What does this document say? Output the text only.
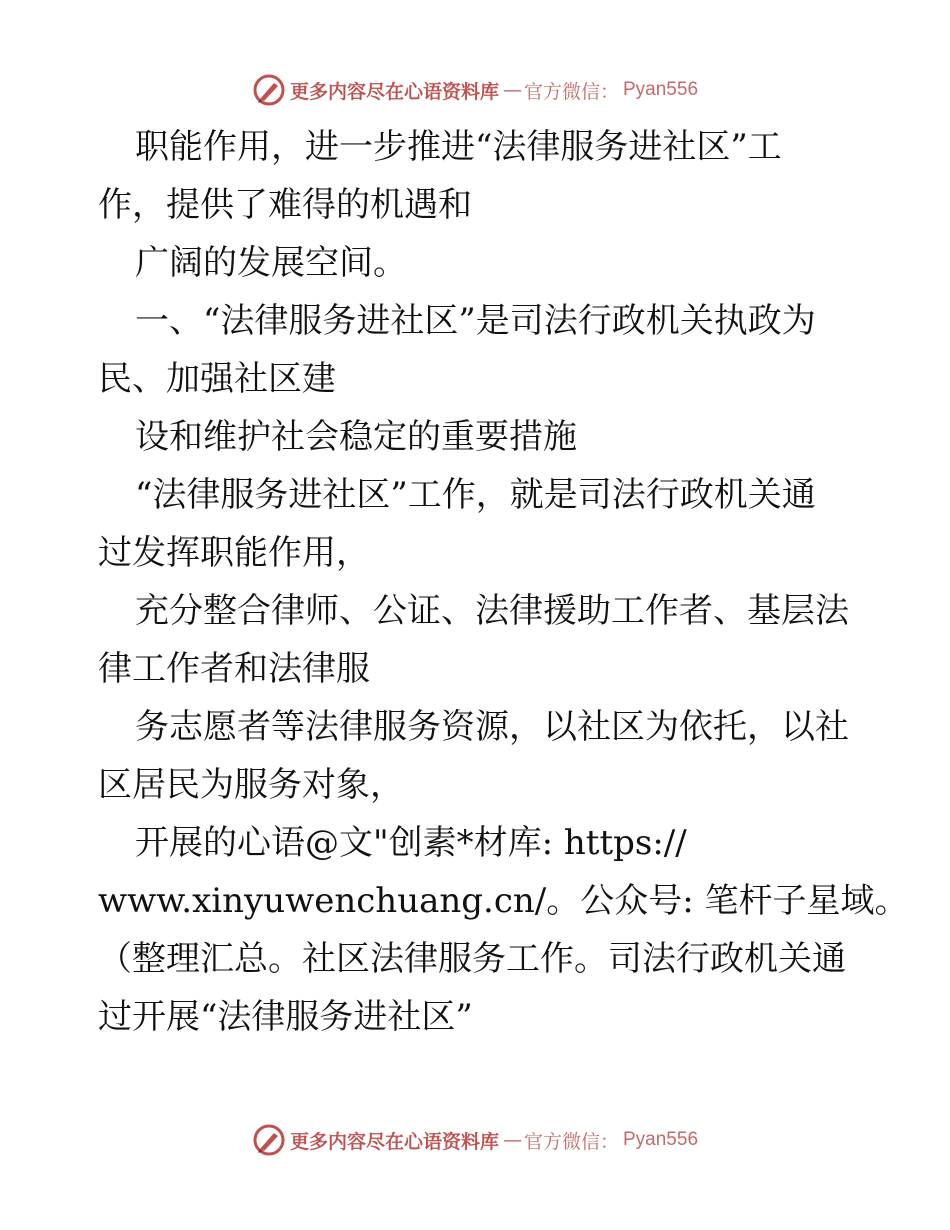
更多内容尽在心语资料库 — 官方微信： Pyan556
职能作用，进一步推进“法律服务进社区”工
作，提供了难得的机遇和
广阔的发展空间。
一、“法律服务进社区”是司法行政机关执政为
民、加强社区建
设和维护社会稳定的重要措施
“法律服务进社区”工作，就是司法行政机关通
过发挥职能作用，
充分整合律师、公证、法律援助工作者、基层法
律工作者和法律服
务志愿者等法律服务资源，以社区为依托，以社
区居民为服务对象，
开展的心语@文"创素*材库: https://
www.xinyuwenchuang.cn/。公众号: 笔杆子星域。
（整理汇总。社区法律服务工作。司法行政机关通
过开展“法律服务进社区”
更多内容尽在心语资料库 — 官方微信： Pyan556
